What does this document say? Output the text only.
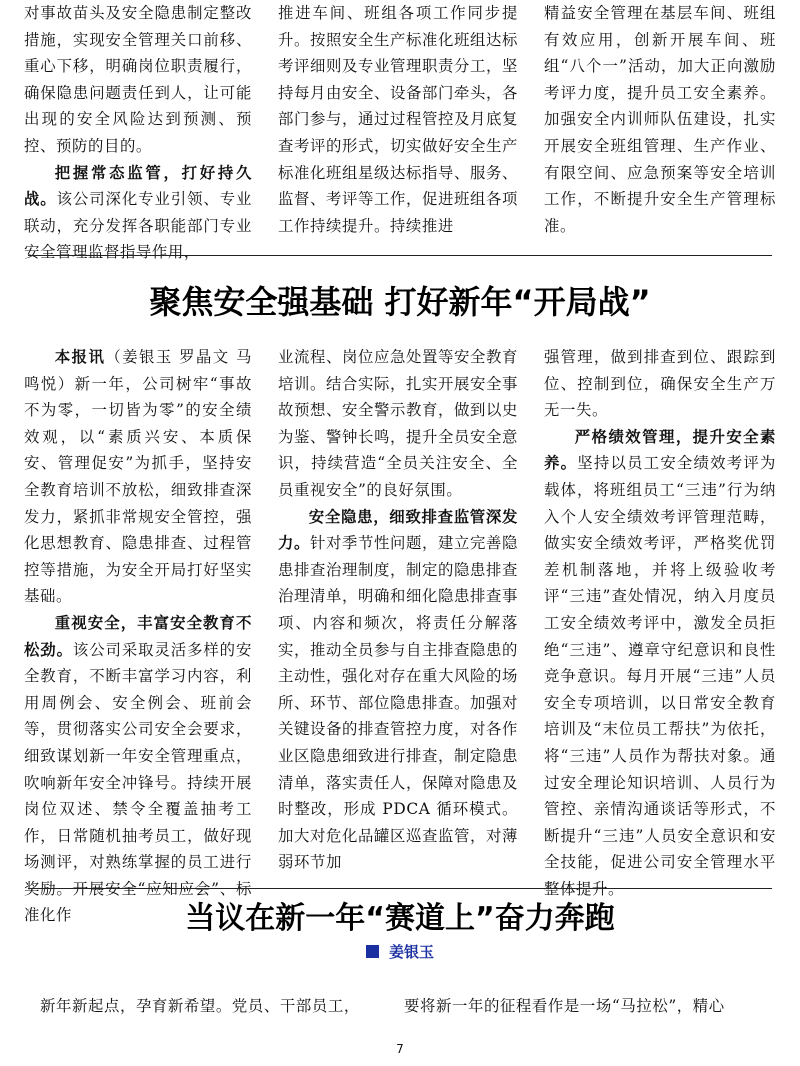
对事故苗头及安全隐患制定整改措施，实现安全管理关口前移、重心下移，明确岗位职责履行，确保隐患问题责任到人，让可能出现的安全风险达到预测、预控、预防的目的。

把握常态监管，打好持久战。该公司深化专业引领、专业联动，充分发挥各职能部门专业安全管理监督指导作用，

推进车间、班组各项工作同步提升。按照安全生产标准化班组达标考评细则及专业管理职责分工，坚持每月由安全、设备部门牵头，各部门参与，通过过程管控及月底复查考评的形式，切实做好安全生产标准化班组星级达标指导、服务、监督、考评等工作，促进班组各项工作持续提升。持续推进

精益安全管理在基层车间、班组有效应用，创新开展车间、班组“八个一”活动，加大正向激励考评力度，提升员工安全素养。加强安全内训师队伍建设，扎实开展安全班组管理、生产作业、有限空间、应急预案等安全培训工作，不断提升安全生产管理标准。

聚焦安全强基础 打好新年“开局战”

本报讯（姜银玉 罗晶文 马鸣悦）新一年，公司树牢“事故不为零，一切皆为零”的安全绩效观，以“素质兴安、本质保安、管理促安”为抓手，坚持安全教育培训不放松，细致排查深发力，紧抓非常规安全管控，强化思想教育、隐患排查、过程管控等措施，为安全开局打好坚实基础。

重视安全，丰富安全教育不松劲。该公司采取灵活多样的安全教育，不断丰富学习内容，利用周例会、安全例会、班前会等，贯彻落实公司安全会要求，细致谋划新一年安全管理重点，吹响新年安全冲锋号。持续开展岗位双述、禁令全覆盖抽考工作，日常随机抽考员工，做好现场测评，对熟练掌握的员工进行奖励。开展安全“应知应会”、标准化作

业流程、岗位应急处置等安全教育培训。结合实际，扎实开展安全事故预想、安全警示教育，做到以史为鉴、警钟长鸣，提升全员安全意识，持续营造“全员关注安全、全员重视安全”的良好氛围。

安全隐患，细致排查监管深发力。针对季节性问题，建立完善隐患排查治理制度，制定的隐患排查治理清单，明确和细化隐患排查事项、内容和频次，将责任分解落实，推动全员参与自主排查隐患的主动性，强化对存在重大风险的场所、环节、部位隐患排查。加强对关键设备的排查管控力度，对各作业区隐患细致进行排查，制定隐患清单，落实责任人，保障对隐患及时整改，形成 PDCA 循环模式。加大对危化品罐区巡查监管，对薄弱环节加

强管理，做到排查到位、跟踪到位、控制到位，确保安全生产万无一失。

严格绩效管理，提升安全素养。坚持以员工安全绩效考评为载体，将班组员工“三违”行为纳入个人安全绩效考评管理范畴，做实安全绩效考评，严格奖优罚差机制落地，并将上级验收考评“三违”查处情况，纳入月度员工安全绩效考评中，激发全员拒绝“三违”、遵章守纪意识和良性竞争意识。每月开展“三违”人员安全专项培训，以日常安全教育培训及“末位员工帮扶”为依托，将“三违”人员作为帮扶对象。通过安全理论知识培训、人员行为管控、亲情沟通谈话等形式，不断提升“三违”人员安全意识和安全技能，促进公司安全管理水平整体提升。

当议在新一年“赛道上”奋力奔跑
姜银玉
新年新起点，孕育新希望。党员、干部员工，	要将新一年的征程看作是一场“马拉松”，精心
7
